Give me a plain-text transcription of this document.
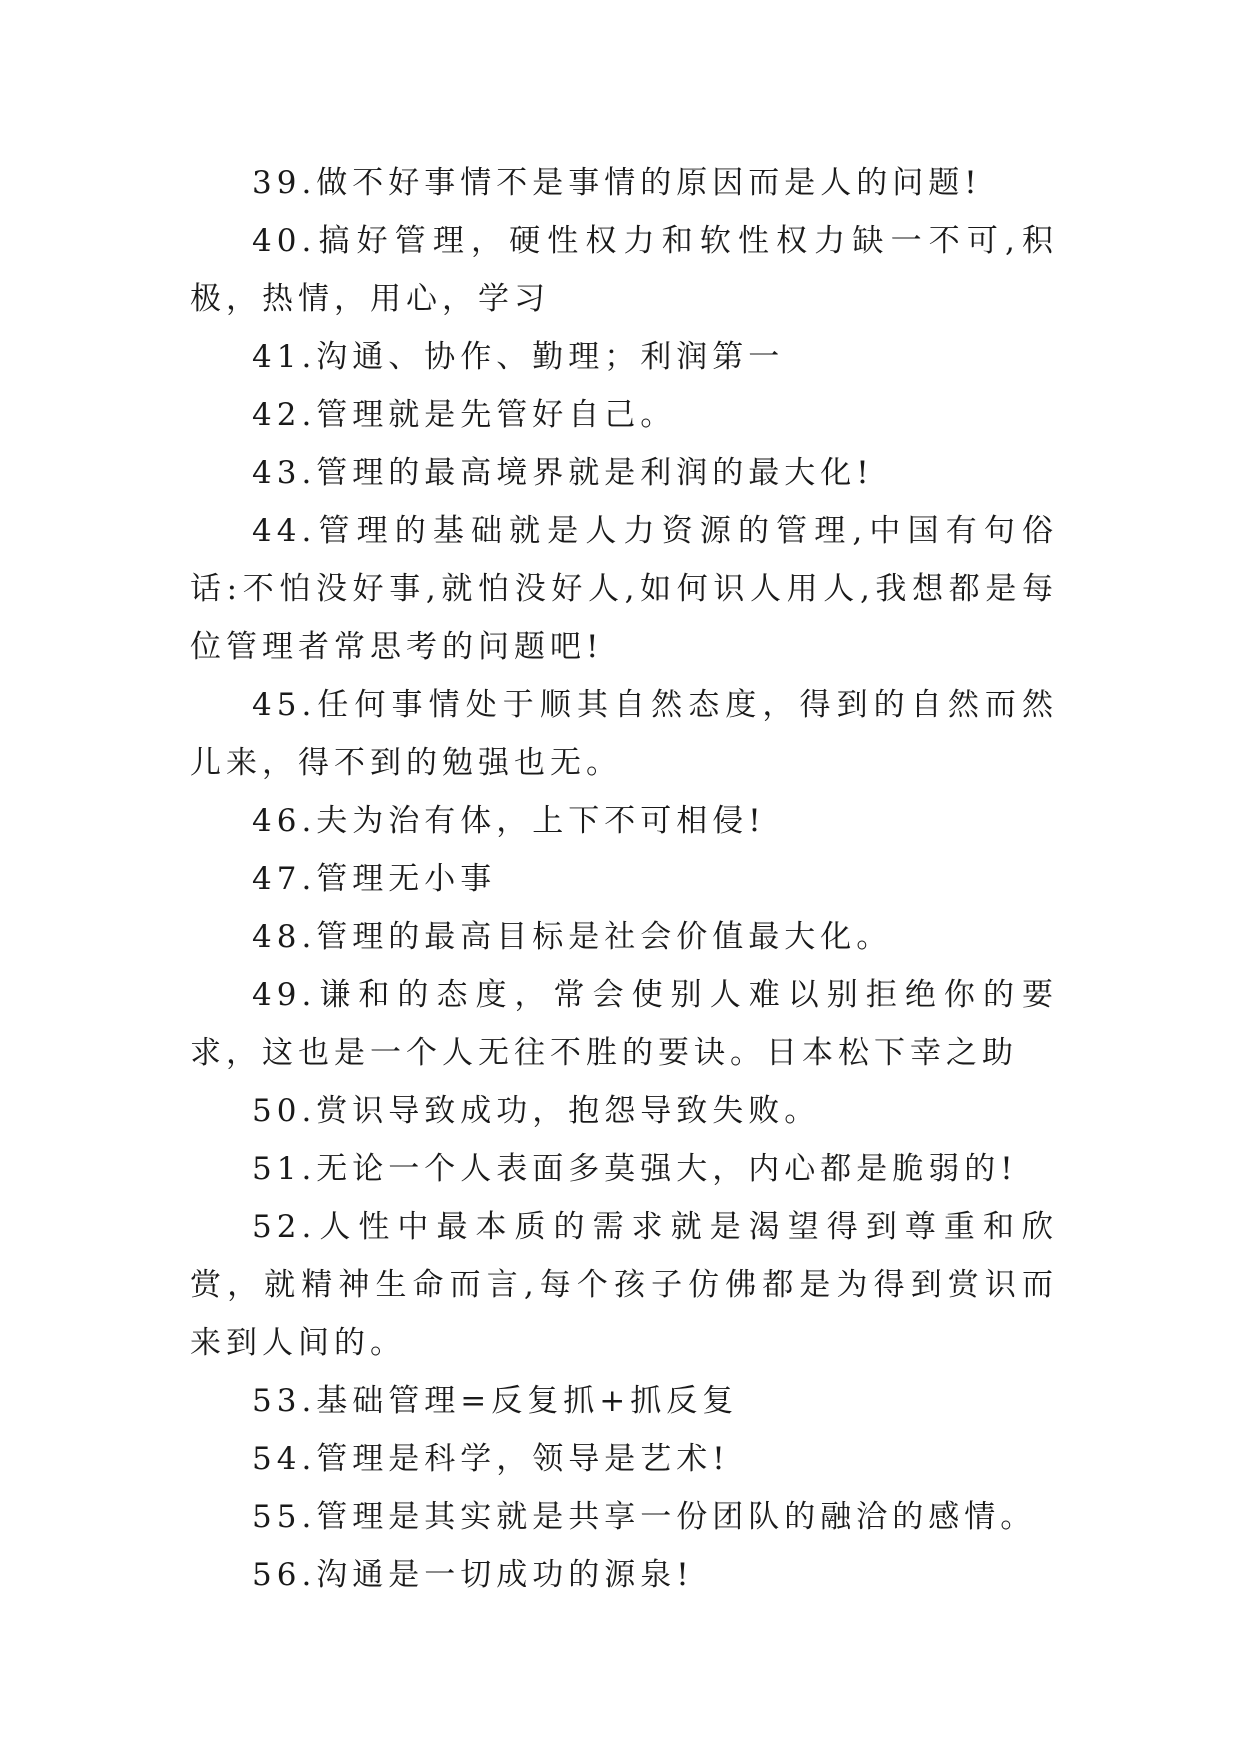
39.做不好事情不是事情的原因而是人的问题!

40.搞好管理，硬性权力和软性权力缺一不可,积极，热情，用心，学习

41.沟通、协作、勤理；利润第一

42.管理就是先管好自己。

43.管理的最高境界就是利润的最大化!

44.管理的基础就是人力资源的管理,中国有句俗话:不怕没好事,就怕没好人,如何识人用人,我想都是每位管理者常思考的问题吧!

45.任何事情处于顺其自然态度，得到的自然而然儿来，得不到的勉强也无。

46.夫为治有体，上下不可相侵!

47.管理无小事

48.管理的最高目标是社会价值最大化。

49.谦和的态度，常会使别人难以别拒绝你的要求，这也是一个人无往不胜的要诀。日本松下幸之助

50.赏识导致成功，抱怨导致失败。

51.无论一个人表面多莫强大，内心都是脆弱的!

52.人性中最本质的需求就是渴望得到尊重和欣赏，就精神生命而言,每个孩子仿佛都是为得到赏识而来到人间的。

53.基础管理=反复抓+抓反复

54.管理是科学，领导是艺术!

55.管理是其实就是共享一份团队的融洽的感情。

56.沟通是一切成功的源泉!
